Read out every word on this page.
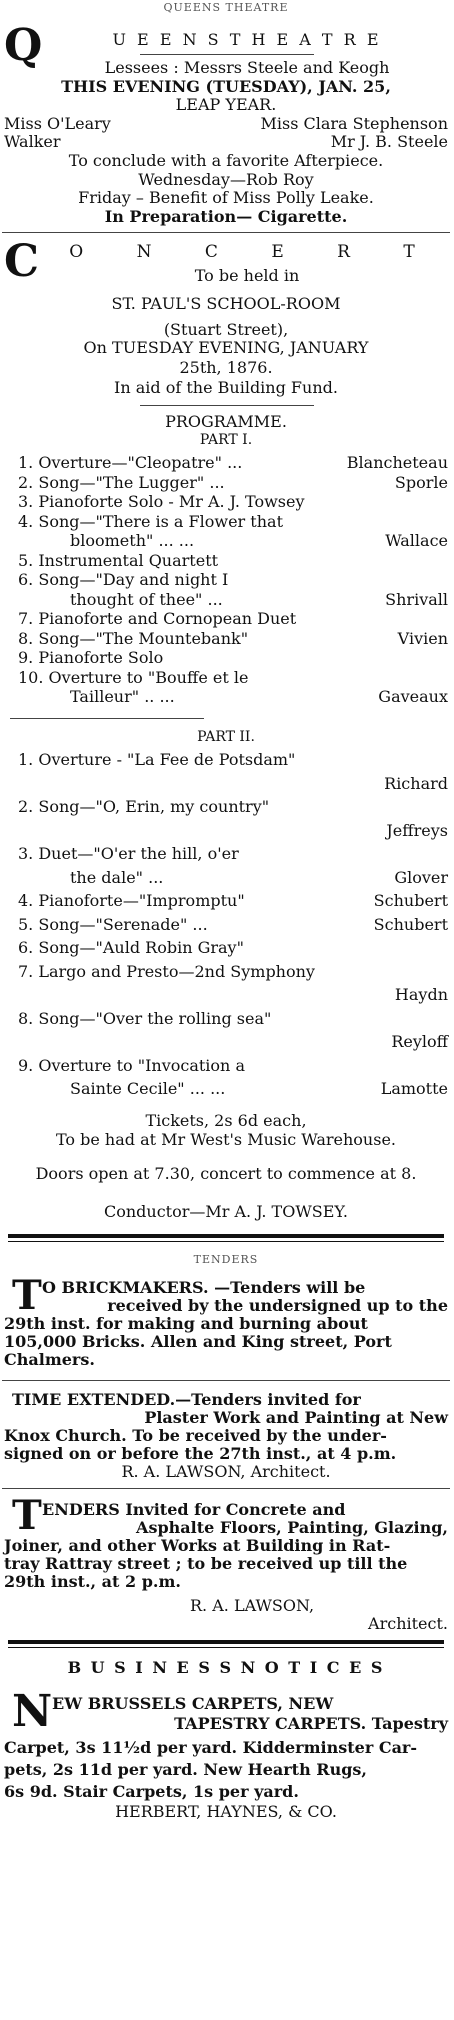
QUEENS THEATRE
Q	U E E N S T H E A T R E
Lessees : Messrs Steele and Keogh
THIS EVENING (TUESDAY), JAN. 25,
LEAP YEAR.
Miss O'Leary	Miss Clara Stephenson
Walker	Mr J. B. Steele
To conclude with a favorite Afterpiece.
Wednesday—Rob Roy
Friday – Benefit of Miss Polly Leake.
In Preparation— Cigarette.
C	O N C E R T
To be held in
ST. PAUL'S SCHOOL-ROOM
(Stuart Street),
On TUESDAY EVENING, JANUARY
25th, 1876.
In aid of the Building Fund.
PROGRAMME.
PART I.
1. Overture—"Cleopatre" ...	Blancheteau
2. Song—"The Lugger" ...	Sporle
3. Pianoforte Solo - Mr A. J. Towsey
4. Song—"There is a Flower that
bloometh" ... ...	Wallace
5. Instrumental Quartett
6. Song—"Day and night I
thought of thee" ...	Shrivall
7. Pianoforte and Cornopean Duet
8. Song—"The Mountebank"	Vivien
9. Pianoforte Solo
10. Overture to "Bouffe et le
Tailleur" .. ...	Gaveaux
PART II.
1. Overture - "La Fee de Potsdam"
Richard
2. Song—"O, Erin, my country"
Jeffreys
3. Duet—"O'er the hill, o'er
the dale" ...	Glover
4. Pianoforte—"Impromptu"	Schubert
5. Song—"Serenade" ...	Schubert
6. Song—"Auld Robin Gray"
7. Largo and Presto—2nd Symphony
Haydn
8. Song—"Over the rolling sea"
Reyloff
9. Overture to "Invocation a
Sainte Cecile" ... ...	Lamotte
Tickets, 2s 6d each,
To be had at Mr West's Music Warehouse.
Doors open at 7.30, concert to commence at 8.
Conductor—Mr A. J. TOWSEY.
TENDERS
T O BRICKMAKERS. —Tenders will be
received by the undersigned up to the
29th inst. for making and burning about
105,000 Bricks. Allen and King street, Port
Chalmers.
TIME EXTENDED.—Tenders invited for
Plaster Work and Painting at New
Knox Church. To be received by the under-
signed on or before the 27th inst., at 4 p.m.
R. A. LAWSON, Architect.
T ENDERS Invited for Concrete and
Asphalte Floors, Painting, Glazing,
Joiner, and other Works at Building in Rat-
tray Rattray street ; to be received up till the
29th inst., at 2 p.m.
R. A. LAWSON,
Architect.
B U S I N E S S N O T I C E S
N EW BRUSSELS CARPETS, NEW
TAPESTRY CARPETS. Tapestry
Carpet, 3s 11½d per yard. Kidderminster Car-
pets, 2s 11d per yard. New Hearth Rugs,
6s 9d. Stair Carpets, 1s per yard.
HERBERT, HAYNES, & CO.
